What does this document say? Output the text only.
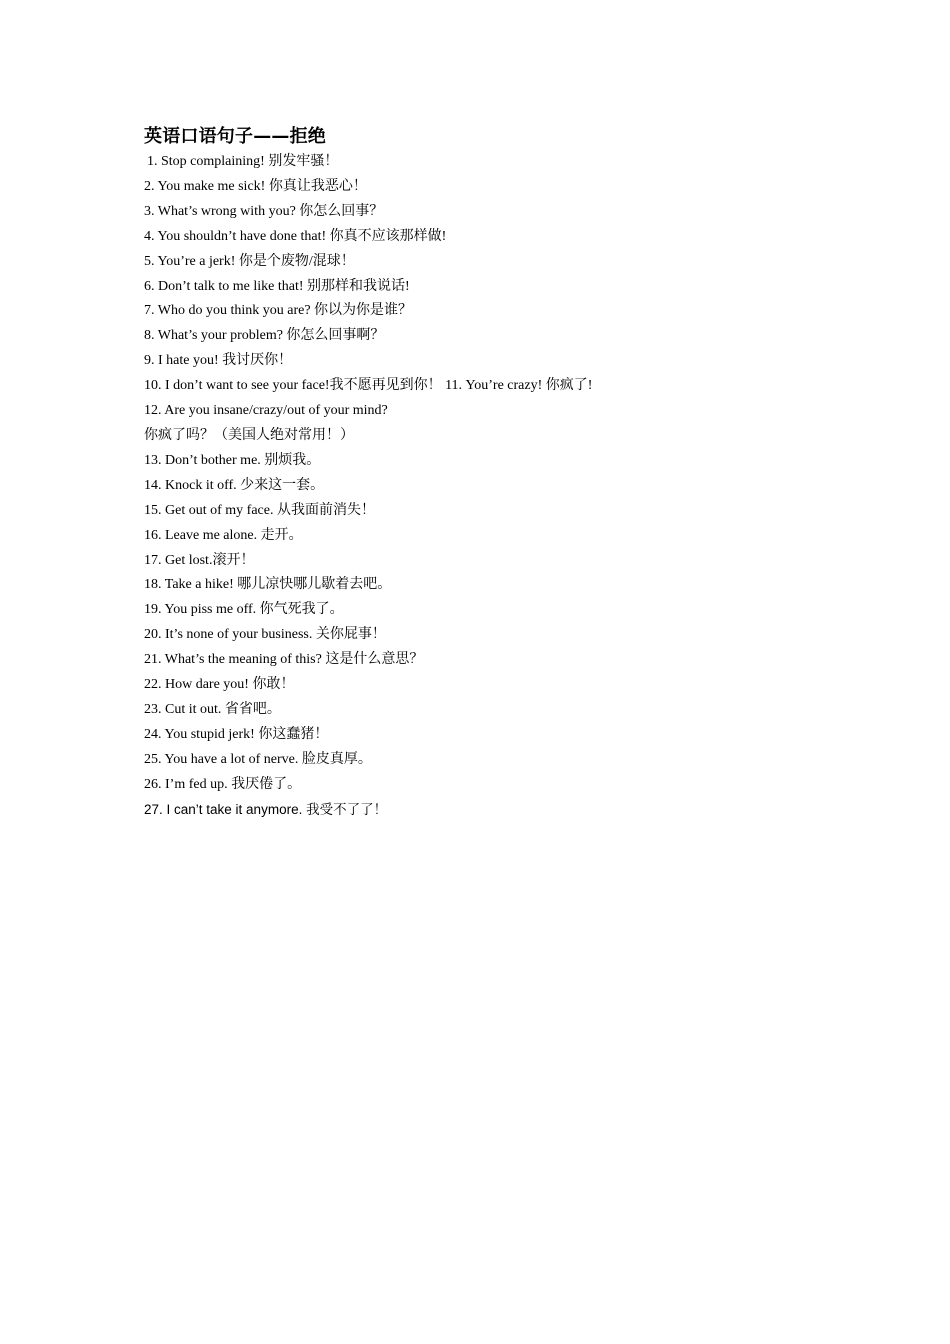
英语口语句子——拒绝
1. Stop complaining! 别发牢骚！
2. You make me sick! 你真让我恶心！
3. What’s wrong with you? 你怎么回事？
4. You shouldn’t have done that! 你真不应该那样做!
5. You’re a jerk! 你是个废物/混球！
6. Don’t talk to me like that! 别那样和我说话!
7. Who do you think you are? 你以为你是谁？
8. What’s your problem? 你怎么回事啊？
9. I hate you! 我讨厌你！
10. I don’t want to see your face!我不愿再见到你！ 11. You’re crazy! 你疯了!
12. Are you insane/crazy/out of your mind?
你疯了吗？（美国人绝对常用！）
13. Don’t bother me. 别烦我。
14. Knock it off. 少来这一套。
15. Get out of my face. 从我面前消失！
16. Leave me alone. 走开。
17. Get lost.滚开！
18. Take a hike! 哪儿凉快哪儿歇着去吧。
19. You piss me off. 你气死我了。
20. It’s none of your business. 关你屁事！
21. What’s the meaning of this? 这是什么意思？
22. How dare you! 你敢！
23. Cut it out. 省省吧。
24. You stupid jerk! 你这蠢猪！
25. You have a lot of nerve. 脸皮真厚。
26. I’m fed up. 我厌倦了。
27. I can’t take it anymore. 我受不了了！
